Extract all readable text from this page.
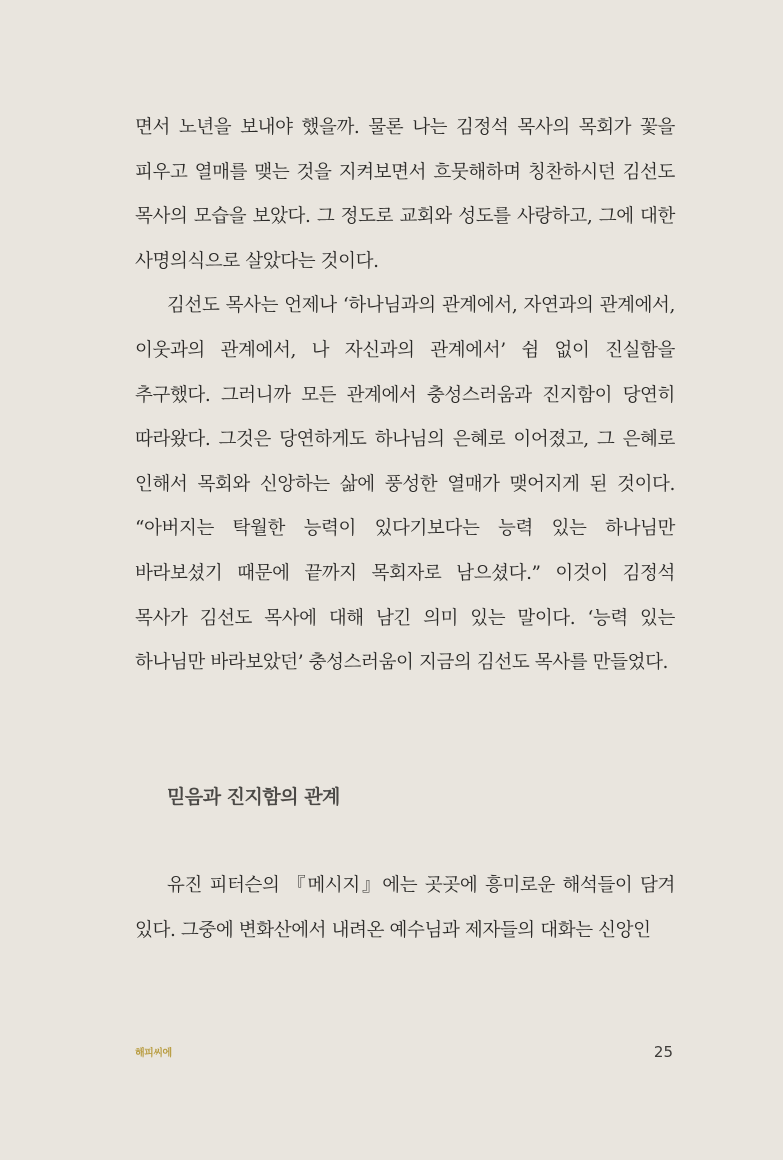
면서 노년을 보내야 했을까. 물론 나는 김정석 목사의 목회가 꽃을 피우고 열매를 맺는 것을 지켜보면서 흐뭇해하며 칭찬하시던 김선도 목사의 모습을 보았다. 그 정도로 교회와 성도를 사랑하고, 그에 대한 사명의식으로 살았다는 것이다.

김선도 목사는 언제나 ‘하나님과의 관계에서, 자연과의 관계에서, 이웃과의 관계에서, 나 자신과의 관계에서’ 쉼 없이 진실함을 추구했다. 그러니까 모든 관계에서 충성스러움과 진지함이 당연히 따라왔다. 그것은 당연하게도 하나님의 은혜로 이어졌고, 그 은혜로 인해서 목회와 신앙하는 삶에 풍성한 열매가 맺어지게 된 것이다. “아버지는 탁월한 능력이 있다기보다는 능력 있는 하나님만 바라보셨기 때문에 끝까지 목회자로 남으셨다.” 이것이 김정석 목사가 김선도 목사에 대해 남긴 의미 있는 말이다. ‘능력 있는 하나님만 바라보았던’ 충성스러움이 지금의 김선도 목사를 만들었다.

믿음과 진지함의 관계

유진 피터슨의 『메시지』에는 곳곳에 흥미로운 해석들이 담겨 있다. 그중에 변화산에서 내려온 예수님과 제자들의 대화는 신앙인

해피씨에	25
